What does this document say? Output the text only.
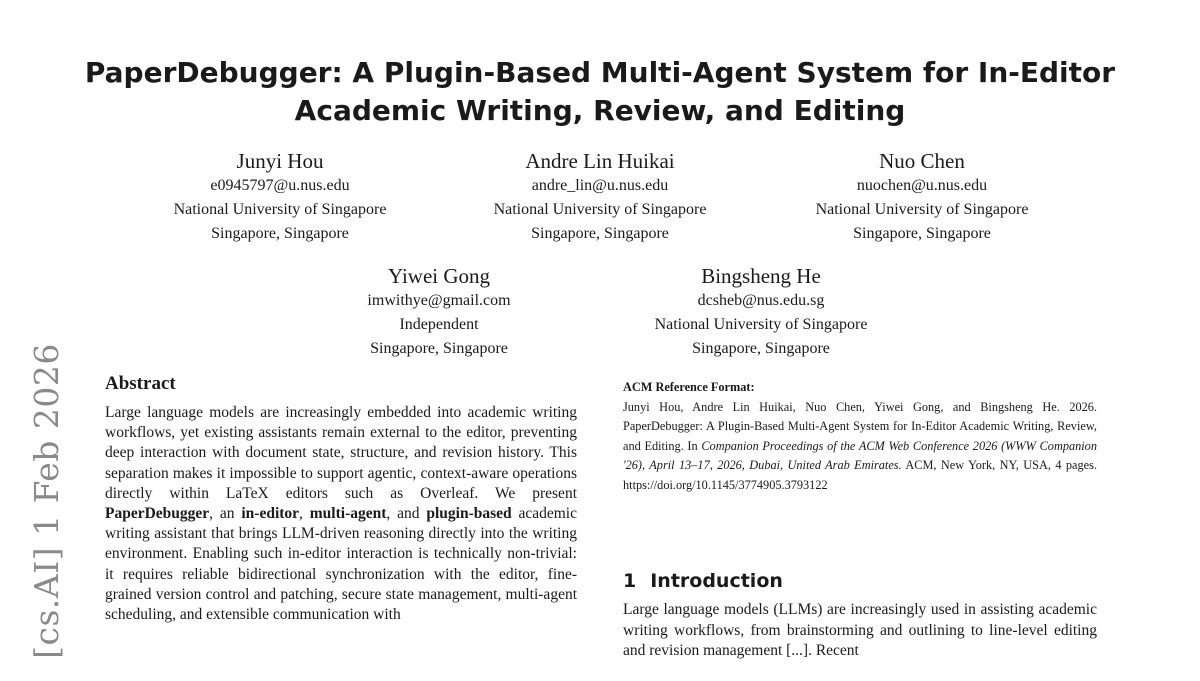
[cs.AI] 1 Feb 2026
PaperDebugger: A Plugin-Based Multi-Agent System for In-Editor
Academic Writing, Review, and Editing
Junyi Hou
e0945797@u.nus.edu
National University of Singapore
Singapore, Singapore
Andre Lin Huikai
andre_lin@u.nus.edu
National University of Singapore
Singapore, Singapore
Nuo Chen
nuochen@u.nus.edu
National University of Singapore
Singapore, Singapore
Yiwei Gong
imwithye@gmail.com
Independent
Singapore, Singapore
Bingsheng He
dcsheb@nus.edu.sg
National University of Singapore
Singapore, Singapore
Abstract

Large language models are increasingly embedded into academic writing workflows, yet existing assistants remain external to the editor, preventing deep interaction with document state, structure, and revision history. This separation makes it impossible to support agentic, context-aware operations directly within LaTeX editors such as Overleaf. We present PaperDebugger, an in-editor, multi-agent, and plugin-based academic writing assistant that brings LLM-driven reasoning directly into the writing environment. Enabling such in-editor interaction is technically non-trivial: it requires reliable bidirectional synchronization with the editor, fine-grained version control and patching, secure state management, multi-agent scheduling, and extensible communication with

ACM Reference Format:
Junyi Hou, Andre Lin Huikai, Nuo Chen, Yiwei Gong, and Bingsheng He. 2026. PaperDebugger: A Plugin-Based Multi-Agent System for In-Editor Academic Writing, Review, and Editing. In Companion Proceedings of the ACM Web Conference 2026 (WWW Companion '26), April 13–17, 2026, Dubai, United Arab Emirates. ACM, New York, NY, USA, 4 pages. https://doi.org/10.1145/3774905.3793122
1 Introduction

Large language models (LLMs) are increasingly used in assisting academic writing workflows, from brainstorming and outlining to line-level editing and revision management [...]. Recent
